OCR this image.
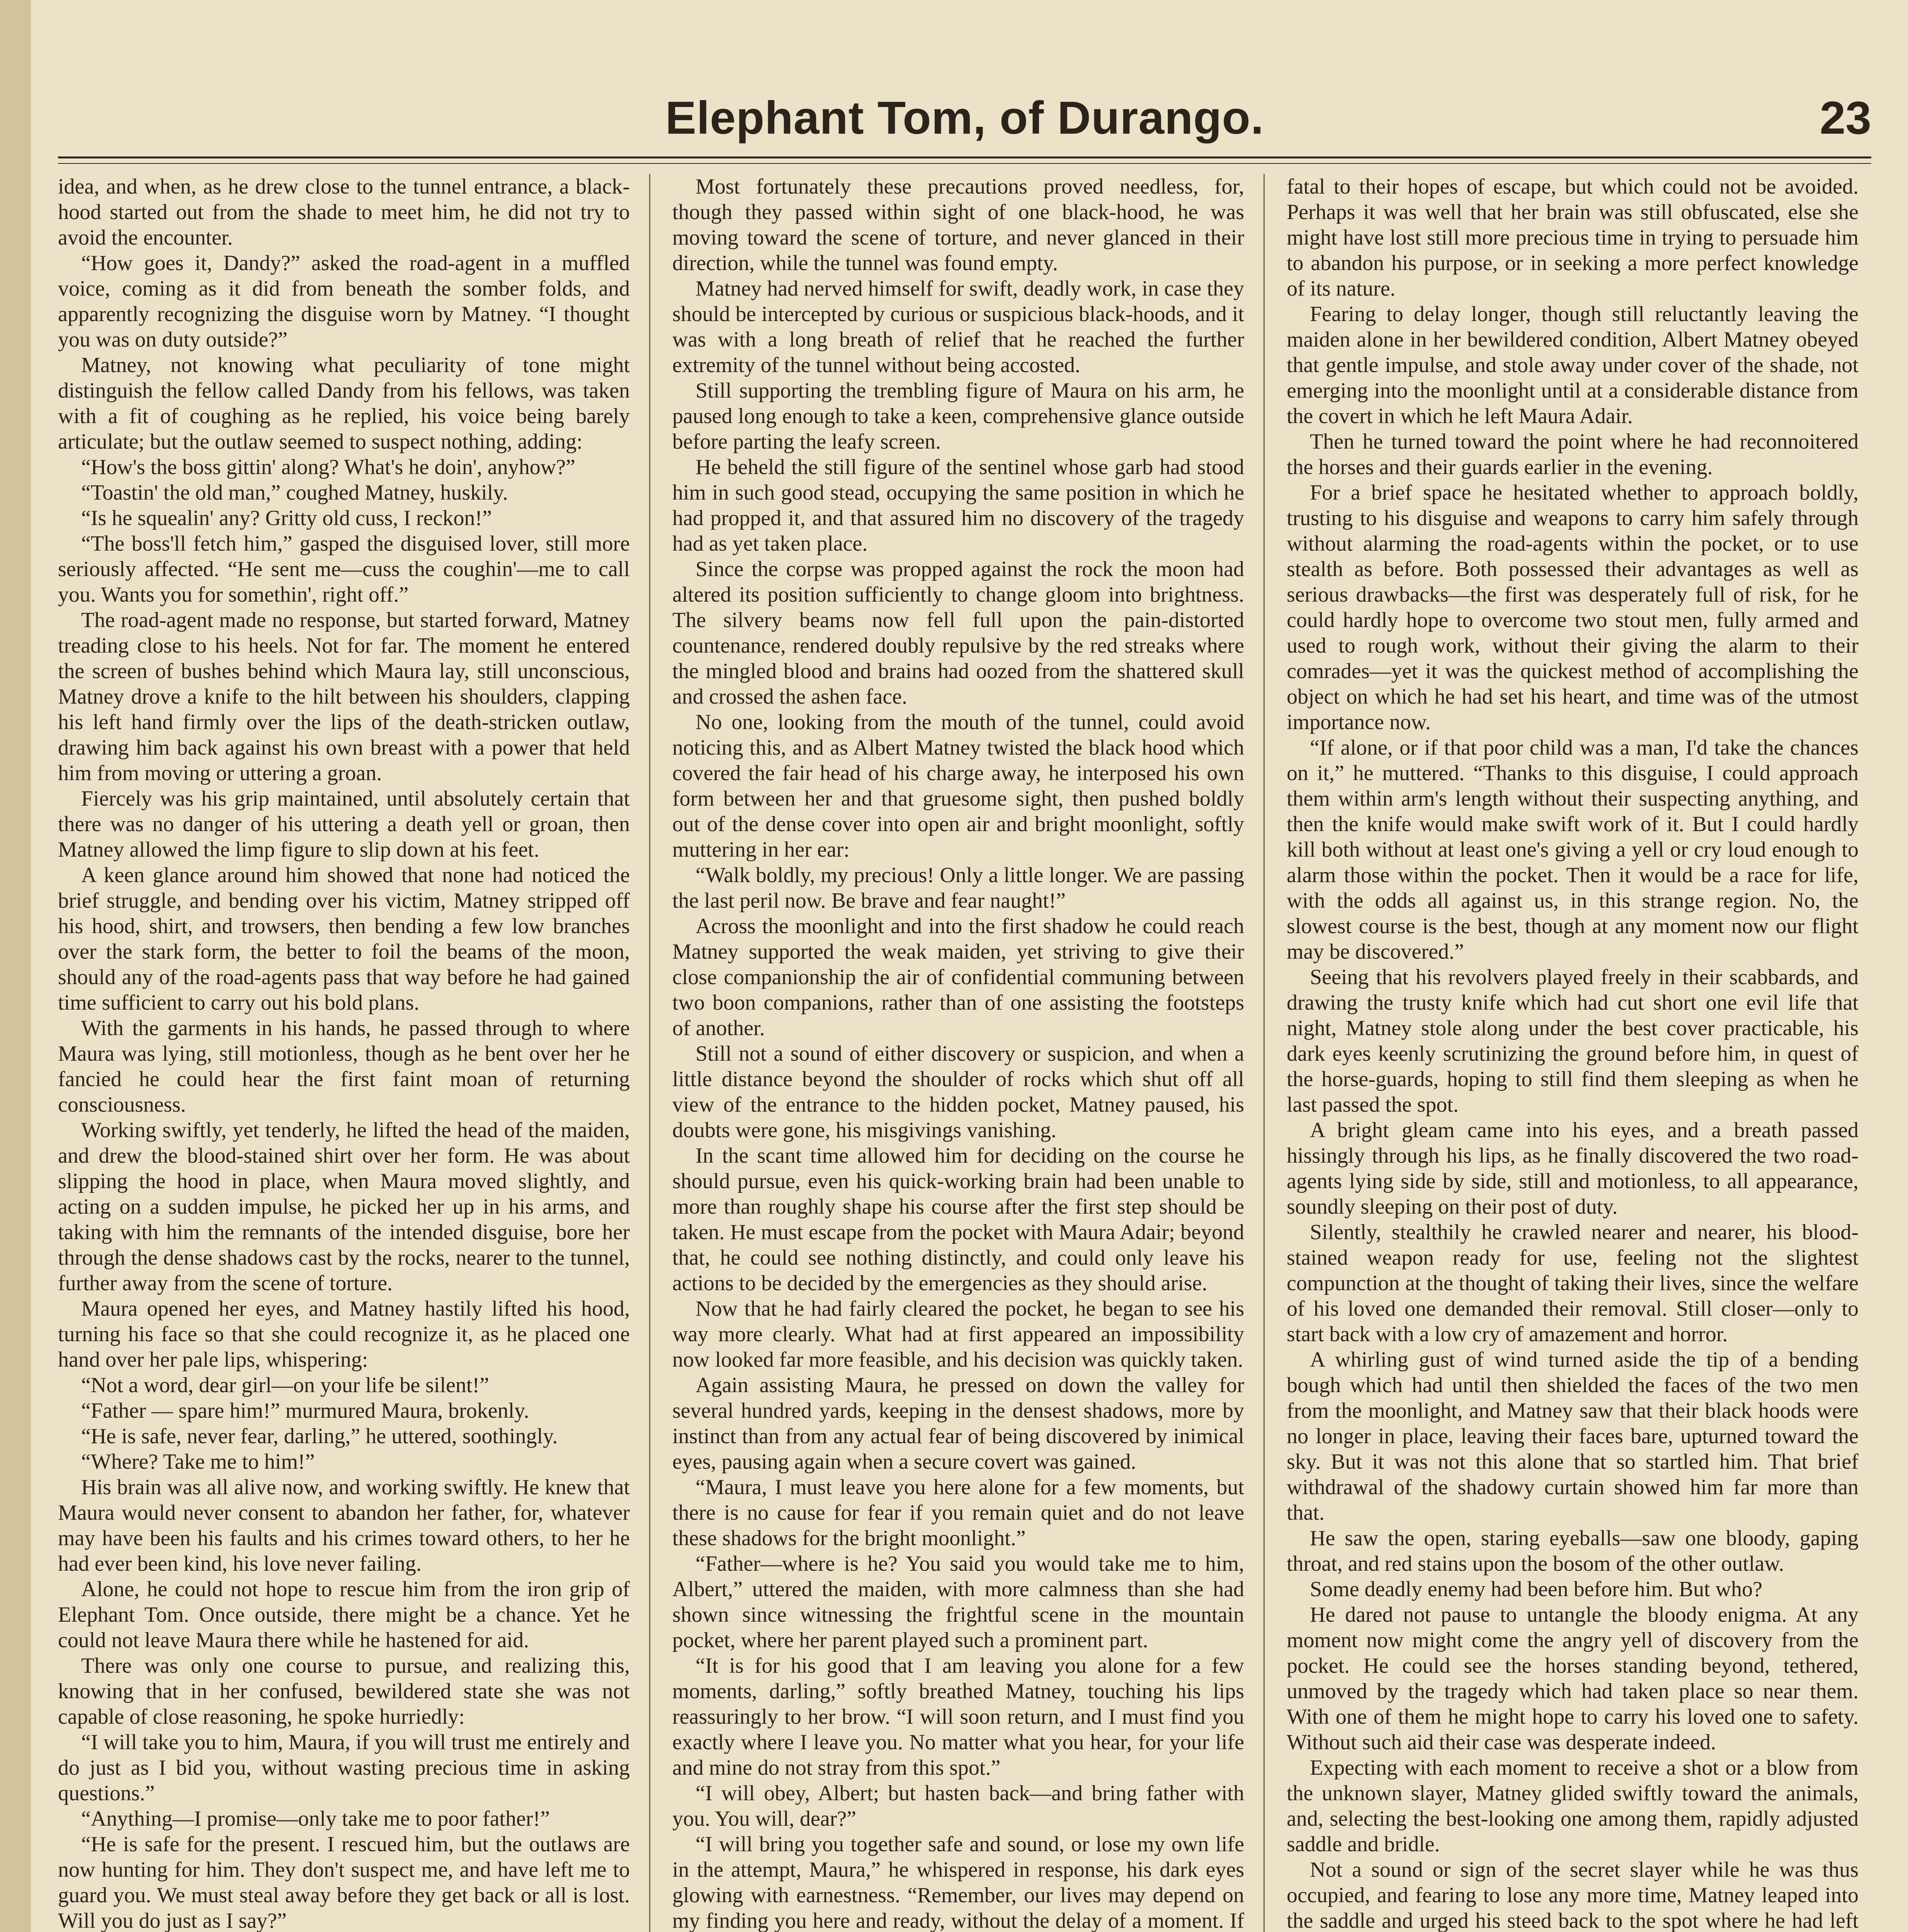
Elephant Tom, of Durango.	23

idea, and when, as he drew close to the tunnel entrance, a black-hood started out from the shade to meet him, he did not try to avoid the encounter.

“How goes it, Dandy?” asked the road-agent in a muffled voice, coming as it did from beneath the somber folds, and apparently recognizing the disguise worn by Matney. “I thought you was on duty outside?”

Matney, not knowing what peculiarity of tone might distinguish the fellow called Dandy from his fellows, was taken with a fit of coughing as he replied, his voice being barely articulate; but the outlaw seemed to suspect nothing, adding:

“How's the boss gittin' along? What's he doin', anyhow?”

“Toastin' the old man,” coughed Matney, huskily.

“Is he squealin' any? Gritty old cuss, I reckon!”

“The boss'll fetch him,” gasped the disguised lover, still more seriously affected. “He sent me—cuss the coughin'—me to call you. Wants you for somethin', right off.”

The road-agent made no response, but started forward, Matney treading close to his heels. Not for far. The moment he entered the screen of bushes behind which Maura lay, still unconscious, Matney drove a knife to the hilt between his shoulders, clapping his left hand firmly over the lips of the death-stricken outlaw, drawing him back against his own breast with a power that held him from moving or uttering a groan.

Fiercely was his grip maintained, until absolutely certain that there was no danger of his uttering a death yell or groan, then Matney allowed the limp figure to slip down at his feet.

A keen glance around him showed that none had noticed the brief struggle, and bending over his victim, Matney stripped off his hood, shirt, and trowsers, then bending a few low branches over the stark form, the better to foil the beams of the moon, should any of the road-agents pass that way before he had gained time sufficient to carry out his bold plans.

With the garments in his hands, he passed through to where Maura was lying, still motionless, though as he bent over her he fancied he could hear the first faint moan of returning consciousness.

Working swiftly, yet tenderly, he lifted the head of the maiden, and drew the blood-stained shirt over her form. He was about slipping the hood in place, when Maura moved slightly, and acting on a sudden impulse, he picked her up in his arms, and taking with him the remnants of the intended disguise, bore her through the dense shadows cast by the rocks, nearer to the tunnel, further away from the scene of torture.

Maura opened her eyes, and Matney hastily lifted his hood, turning his face so that she could recognize it, as he placed one hand over her pale lips, whispering:

“Not a word, dear girl—on your life be silent!”

“Father — spare him!” murmured Maura, brokenly.

“He is safe, never fear, darling,” he uttered, soothingly.

“Where? Take me to him!”

His brain was all alive now, and working swiftly. He knew that Maura would never consent to abandon her father, for, whatever may have been his faults and his crimes toward others, to her he had ever been kind, his love never failing.

Alone, he could not hope to rescue him from the iron grip of Elephant Tom. Once outside, there might be a chance. Yet he could not leave Maura there while he hastened for aid.

There was only one course to pursue, and realizing this, knowing that in her confused, bewildered state she was not capable of close reasoning, he spoke hurriedly:

“I will take you to him, Maura, if you will trust me entirely and do just as I bid you, without wasting precious time in asking questions.”

“Anything—I promise—only take me to poor father!”

“He is safe for the present. I rescued him, but the outlaws are now hunting for him. They don't suspect me, and have left me to guard you. We must steal away before they get back or all is lost. Will you do just as I say?”

Most fortunately these precautions proved needless, for, though they passed within sight of one black-hood, he was moving toward the scene of torture, and never glanced in their direction, while the tunnel was found empty.

Matney had nerved himself for swift, deadly work, in case they should be intercepted by curious or suspicious black-hoods, and it was with a long breath of relief that he reached the further extremity of the tunnel without being accosted.

Still supporting the trembling figure of Maura on his arm, he paused long enough to take a keen, comprehensive glance outside before parting the leafy screen.

He beheld the still figure of the sentinel whose garb had stood him in such good stead, occupying the same position in which he had propped it, and that assured him no discovery of the tragedy had as yet taken place.

Since the corpse was propped against the rock the moon had altered its position sufficiently to change gloom into brightness. The silvery beams now fell full upon the pain-distorted countenance, rendered doubly repulsive by the red streaks where the mingled blood and brains had oozed from the shattered skull and crossed the ashen face.

No one, looking from the mouth of the tunnel, could avoid noticing this, and as Albert Matney twisted the black hood which covered the fair head of his charge away, he interposed his own form between her and that gruesome sight, then pushed boldly out of the dense cover into open air and bright moonlight, softly muttering in her ear:

“Walk boldly, my precious! Only a little longer. We are passing the last peril now. Be brave and fear naught!”

Across the moonlight and into the first shadow he could reach Matney supported the weak maiden, yet striving to give their close companionship the air of confidential communing between two boon companions, rather than of one assisting the footsteps of another.

Still not a sound of either discovery or suspicion, and when a little distance beyond the shoulder of rocks which shut off all view of the entrance to the hidden pocket, Matney paused, his doubts were gone, his misgivings vanishing.

In the scant time allowed him for deciding on the course he should pursue, even his quick-working brain had been unable to more than roughly shape his course after the first step should be taken. He must escape from the pocket with Maura Adair; beyond that, he could see nothing distinctly, and could only leave his actions to be decided by the emergencies as they should arise.

Now that he had fairly cleared the pocket, he began to see his way more clearly. What had at first appeared an impossibility now looked far more feasible, and his decision was quickly taken.

Again assisting Maura, he pressed on down the valley for several hundred yards, keeping in the densest shadows, more by instinct than from any actual fear of being discovered by inimical eyes, pausing again when a secure covert was gained.

“Maura, I must leave you here alone for a few moments, but there is no cause for fear if you remain quiet and do not leave these shadows for the bright moonlight.”

“Father—where is he? You said you would take me to him, Albert,” uttered the maiden, with more calmness than she had shown since witnessing the frightful scene in the mountain pocket, where her parent played such a prominent part.

“It is for his good that I am leaving you alone for a few moments, darling,” softly breathed Matney, touching his lips reassuringly to her brow. “I will soon return, and I must find you exactly where I leave you. No matter what you hear, for your life and mine do not stray from this spot.”

“I will obey, Albert; but hasten back—and bring father with you. You will, dear?”

“I will bring you together safe and sound, or lose my own life in the attempt, Maura,” he whispered in response, his dark eyes glowing with earnestness. “Remember, our lives may depend on my finding you here and ready, without the delay of a moment. If

fatal to their hopes of escape, but which could not be avoided. Perhaps it was well that her brain was still obfuscated, else she might have lost still more precious time in trying to persuade him to abandon his purpose, or in seeking a more perfect knowledge of its nature.

Fearing to delay longer, though still reluctantly leaving the maiden alone in her bewildered condition, Albert Matney obeyed that gentle impulse, and stole away under cover of the shade, not emerging into the moonlight until at a considerable distance from the covert in which he left Maura Adair.

Then he turned toward the point where he had reconnoitered the horses and their guards earlier in the evening.

For a brief space he hesitated whether to approach boldly, trusting to his disguise and weapons to carry him safely through without alarming the road-agents within the pocket, or to use stealth as before. Both possessed their advantages as well as serious drawbacks—the first was desperately full of risk, for he could hardly hope to overcome two stout men, fully armed and used to rough work, without their giving the alarm to their comrades—yet it was the quickest method of accomplishing the object on which he had set his heart, and time was of the utmost importance now.

“If alone, or if that poor child was a man, I'd take the chances on it,” he muttered. “Thanks to this disguise, I could approach them within arm's length without their suspecting anything, and then the knife would make swift work of it. But I could hardly kill both without at least one's giving a yell or cry loud enough to alarm those within the pocket. Then it would be a race for life, with the odds all against us, in this strange region. No, the slowest course is the best, though at any moment now our flight may be discovered.”

Seeing that his revolvers played freely in their scabbards, and drawing the trusty knife which had cut short one evil life that night, Matney stole along under the best cover practicable, his dark eyes keenly scrutinizing the ground before him, in quest of the horse-guards, hoping to still find them sleeping as when he last passed the spot.

A bright gleam came into his eyes, and a breath passed hissingly through his lips, as he finally discovered the two road-agents lying side by side, still and motionless, to all appearance, soundly sleeping on their post of duty.

Silently, stealthily he crawled nearer and nearer, his blood-stained weapon ready for use, feeling not the slightest compunction at the thought of taking their lives, since the welfare of his loved one demanded their removal. Still closer—only to start back with a low cry of amazement and horror.

A whirling gust of wind turned aside the tip of a bending bough which had until then shielded the faces of the two men from the moonlight, and Matney saw that their black hoods were no longer in place, leaving their faces bare, upturned toward the sky. But it was not this alone that so startled him. That brief withdrawal of the shadowy curtain showed him far more than that.

He saw the open, staring eyeballs—saw one bloody, gaping throat, and red stains upon the bosom of the other outlaw.

Some deadly enemy had been before him. But who?

He dared not pause to untangle the bloody enigma. At any moment now might come the angry yell of discovery from the pocket. He could see the horses standing beyond, tethered, unmoved by the tragedy which had taken place so near them. With one of them he might hope to carry his loved one to safety. Without such aid their case was desperate indeed.

Expecting with each moment to receive a shot or a blow from the unknown slayer, Matney glided swiftly toward the animals, and, selecting the best-looking one among them, rapidly adjusted saddle and bridle.

Not a sound or sign of the secret slayer while he was thus occupied, and fearing to lose any more time, Matney leaped into the saddle and urged his steed back to the spot where he had left
